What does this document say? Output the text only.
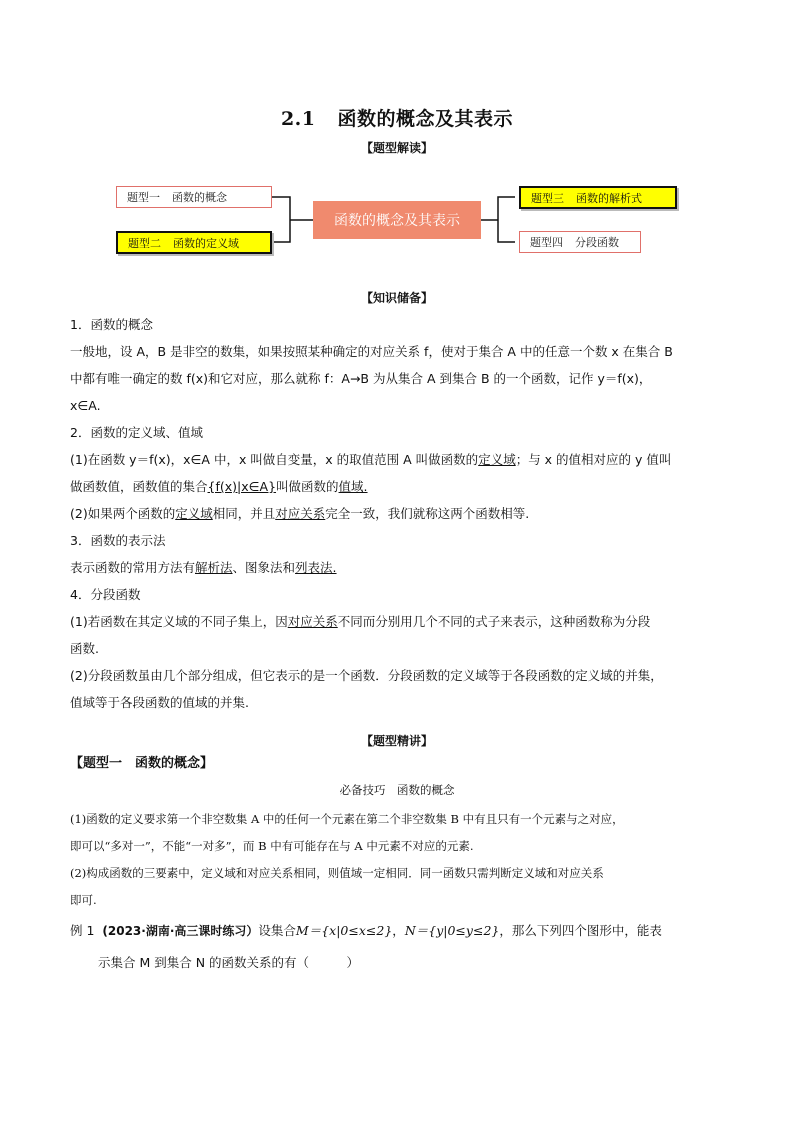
2.1 函数的概念及其表示
【题型解读】
题型一 函数的概念
题型二 函数的定义域
函数的概念及其表示
题型三 函数的解析式
题型四 分段函数
【知识储备】
1．函数的概念
一般地，设 A，B 是非空的数集，如果按照某种确定的对应关系 f，使对于集合 A 中的任意一个数 x 在集合 B
中都有唯一确定的数 f(x)和它对应，那么就称 f：A→B 为从集合 A 到集合 B 的一个函数，记作 y＝f(x)，
x∈A.
2．函数的定义域、值域
(1)在函数 y＝f(x)，x∈A 中，x 叫做自变量，x 的取值范围 A 叫做函数的定义域；与 x 的值相对应的 y 值叫
做函数值，函数值的集合{f(x)|x∈A}叫做函数的值域.
(2)如果两个函数的定义域相同，并且对应关系完全一致，我们就称这两个函数相等.
3．函数的表示法
表示函数的常用方法有解析法、图象法和列表法.
4．分段函数
(1)若函数在其定义域的不同子集上，因对应关系不同而分别用几个不同的式子来表示，这种函数称为分段
函数.
(2)分段函数虽由几个部分组成，但它表示的是一个函数．分段函数的定义域等于各段函数的定义域的并集，
值域等于各段函数的值域的并集.
【题型精讲】
【题型一　函数的概念】
必备技巧　函数的概念
(1)函数的定义要求第一个非空数集 A 中的任何一个元素在第二个非空数集 B 中有且只有一个元素与之对应，
即可以“多对一”，不能“一对多”，而 B 中有可能存在与 A 中元素不对应的元素.
(2)构成函数的三要素中，定义域和对应关系相同，则值域一定相同．同一函数只需判断定义域和对应关系
即可.
例 1 (2023·湖南·高三课时练习）设集合M＝{x|0≤x≤2}，N＝{y|0≤y≤2}，那么下列四个图形中，能表
示集合 M 到集合 N 的函数关系的有（　　　）
